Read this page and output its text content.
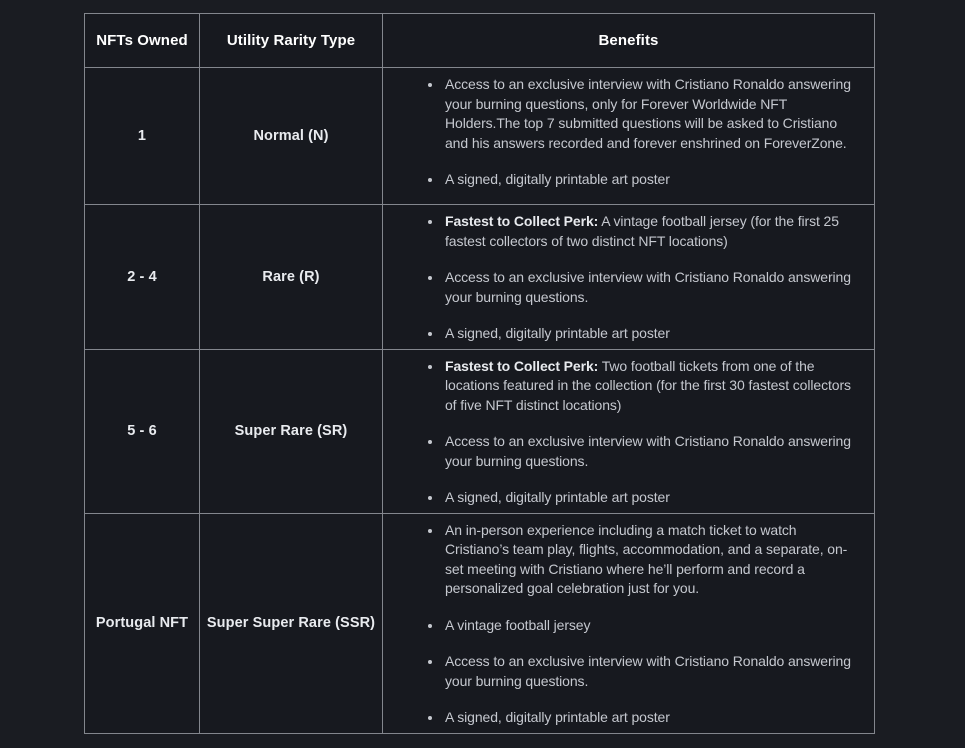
NFTs Owned	Utility Rarity Type	Benefits
1	Normal (N)	
• Access to an exclusive interview with Cristiano Ronaldo answering your burning questions, only for Forever Worldwide NFT Holders.The top 7 submitted questions will be asked to Cristiano and his answers recorded and forever enshrined on ForeverZone.
• A signed, digitally printable art poster

2 - 4	Rare (R)	
• Fastest to Collect Perk: A vintage football jersey (for the first 25 fastest collectors of two distinct NFT locations)
• Access to an exclusive interview with Cristiano Ronaldo answering your burning questions.
• A signed, digitally printable art poster

5 - 6	Super Rare (SR)	
• Fastest to Collect Perk: Two football tickets from one of the locations featured in the collection (for the first 30 fastest collectors of five NFT distinct locations)
• Access to an exclusive interview with Cristiano Ronaldo answering your burning questions.
• A signed, digitally printable art poster

Portugal NFT	Super Super Rare (SSR)	
• An in-person experience including a match ticket to watch Cristiano’s team play, flights, accommodation, and a separate, on-set meeting with Cristiano where he’ll perform and record a personalized goal celebration just for you.
• A vintage football jersey
• Access to an exclusive interview with Cristiano Ronaldo answering your burning questions.
• A signed, digitally printable art poster
